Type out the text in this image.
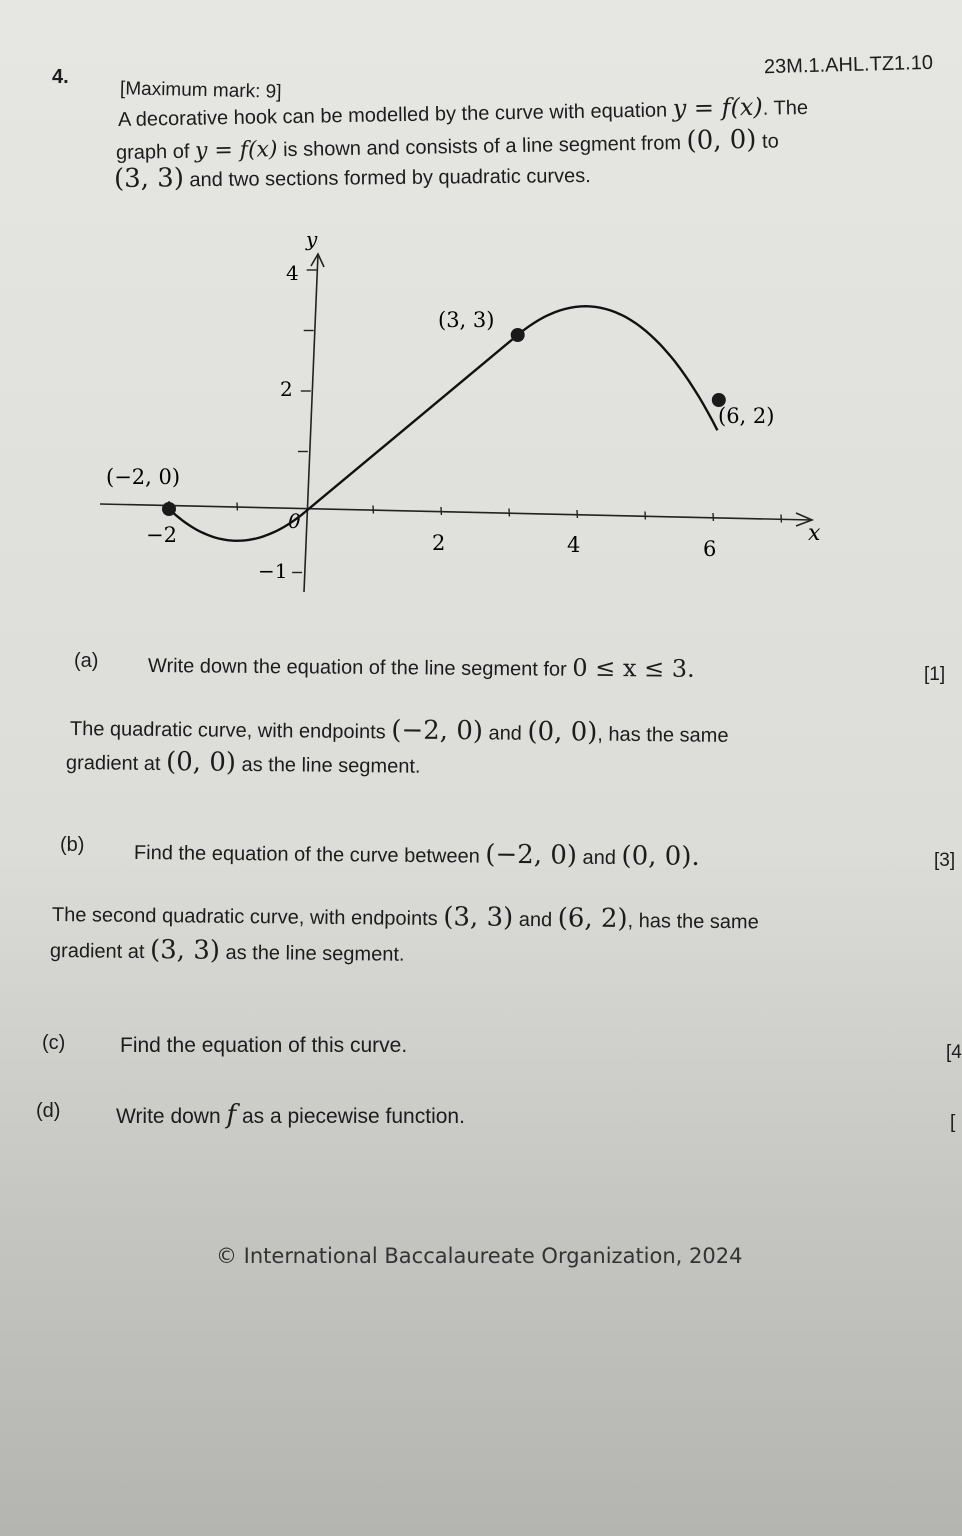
4.
[Maximum mark: 9]
23M.1.AHL.TZ1.10
A decorative hook can be modelled by the curve with equation y = f(x). The
graph of y = f(x) is shown and consists of a line segment from (0, 0) to
(3, 3) and two sections formed by quadratic curves.
x
y
−2
0
2	4	6
4
2
−1
(−2, 0)
(3, 3)
(6, 2)
(a) Write down the equation of the line segment for 0 ≤ x ≤ 3.	[1]
The quadratic curve, with endpoints (−2, 0) and (0, 0), has the same
gradient at (0, 0) as the line segment.
(b) Find the equation of the curve between (−2, 0) and (0, 0).	[3]
The second quadratic curve, with endpoints (3, 3) and (6, 2), has the same
gradient at (3, 3) as the line segment.
(c)	Find the equation of this curve.	[4
(d)	Write down f as a piecewise function.	[
© International Baccalaureate Organization, 2024
